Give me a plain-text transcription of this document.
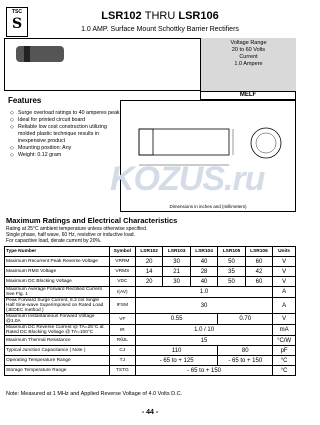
TSC
S	LSR102 THRU LSR106
1.0 AMP. Surface Mount Schottky Barrier Rectifiers
Voltage Range
20 to 60 Volts
Current
1.0 Ampere
Features
◇ Surge overload ratings to 40 amperes peak
◇ Ideal for printed circuit board
◇ Reliable low cost construction utilizing molded plastic technique results in inexpensive product
◇ Mounting position: Any
◇ Weight: 0.12 gram
MELF
Dimensions in inches and (millimeters)
KOZUS.ru
Maximum Ratings and Electrical Characteristics
Rating at 25°C ambient temperature unless otherwise specified.
Single phase, half wave, 60 Hz, resistive or inductive load.
For capacitive load, derate current by 20%.
Type Number	Symbol	LSR102	LSR103	LSR104	LSR105	LSR106	Units
Maximum Recurrent Peak Reverse Voltage	VRRM	20	30	40	50	60	V
Maximum RMS Voltage	VRMS	14	21	28	35	42	V
Maximum DC Blocking Voltage	VDC	20	30	40	50	60	V
Maximum Average Forward Rectified Current See Fig. 1	I(AV)	1.0					A
Peak Forward Surge Current, 8.3 ms Single Half Sine-wave Superimposed on Rated Load (JEDEC method )	IFSM	30					A
Maximum Instantaneous Forward Voltage @1.0A	VF	0.55			0.70		V
Maximum DC Reverse Current @ TA=25°C at Rated DC Blocking Voltage @ TA=100°C	IR	1.0 / 10					mA
Maximum Thermal Resistance	RθJL	15					°C/W
Typical Junction Capacitance ( Note )	CJ	110			80		pF
Operating Temperature Range	TJ	- 65 to + 125			- 65 to + 150		°C
Storage Temperature Range	TSTG	- 65 to + 150					°C
Note: Measured at 1 MHz and Applied Reverse Voltage of 4.0 Volts D.C.
- 44 -
